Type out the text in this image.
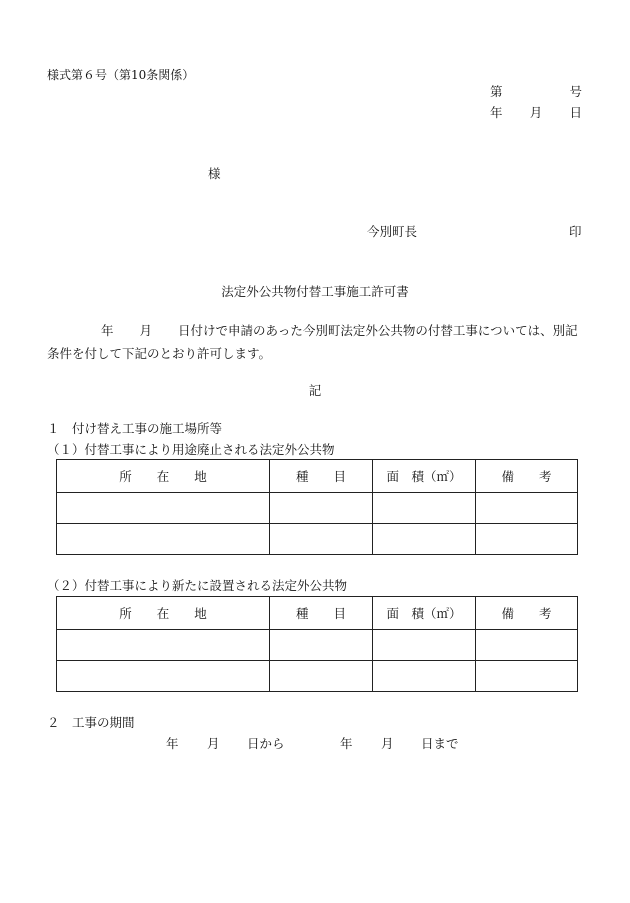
様式第６号（第10条関係）
第	号
年 月 日
様
今別町長	印
法定外公共物付替工事施工許可書
年 月 日付けで申請のあった今別町法定外公共物の付替工事については、別記条件を付して下記のとおり許可します。
記
１　付け替え工事の施工場所等
（１）付替工事により用途廃止される法定外公共物
所　　在　　地	種　　目	面　積（㎡）	備　　考

（２）付替工事により新たに設置される法定外公共物
所　　在　　地	種　　目	面　積（㎡）	備　　考

２　工事の期間
年	月	日から	年	月	日まで
